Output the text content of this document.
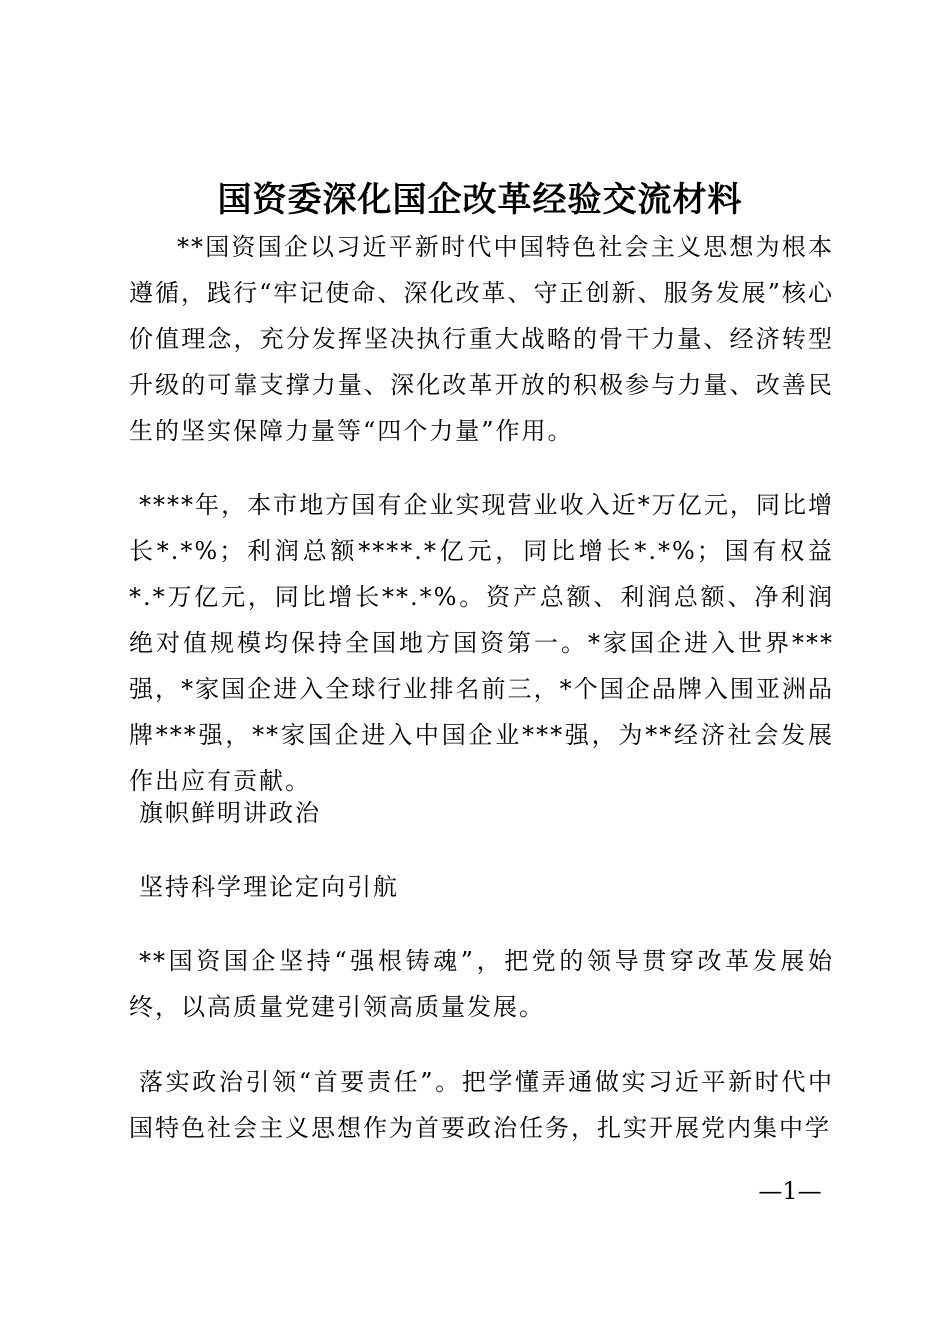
国资委深化国企改革经验交流材料
**国资国企以习近平新时代中国特色社会主义思想为根本遵循，践行“牢记使命、深化改革、守正创新、服务发展”核心价值理念，充分发挥坚决执行重大战略的骨干力量、经济转型升级的可靠支撑力量、深化改革开放的积极参与力量、改善民生的坚实保障力量等“四个力量”作用。
****年，本市地方国有企业实现营业收入近*万亿元，同比增长*.*%；利润总额****.*亿元，同比增长*.*%；国有权益*.*万亿元，同比增长**.*%。资产总额、利润总额、净利润绝对值规模均保持全国地方国资第一。*家国企进入世界***强，*家国企进入全球行业排名前三，*个国企品牌入围亚洲品牌***强，**家国企进入中国企业***强，为**经济社会发展作出应有贡献。
旗帜鲜明讲政治
坚持科学理论定向引航
**国资国企坚持“强根铸魂”，把党的领导贯穿改革发展始终，以高质量党建引领高质量发展。
落实政治引领“首要责任”。把学懂弄通做实习近平新时代中国特色社会主义思想作为首要政治任务，扎实开展党内集中学
—1—
